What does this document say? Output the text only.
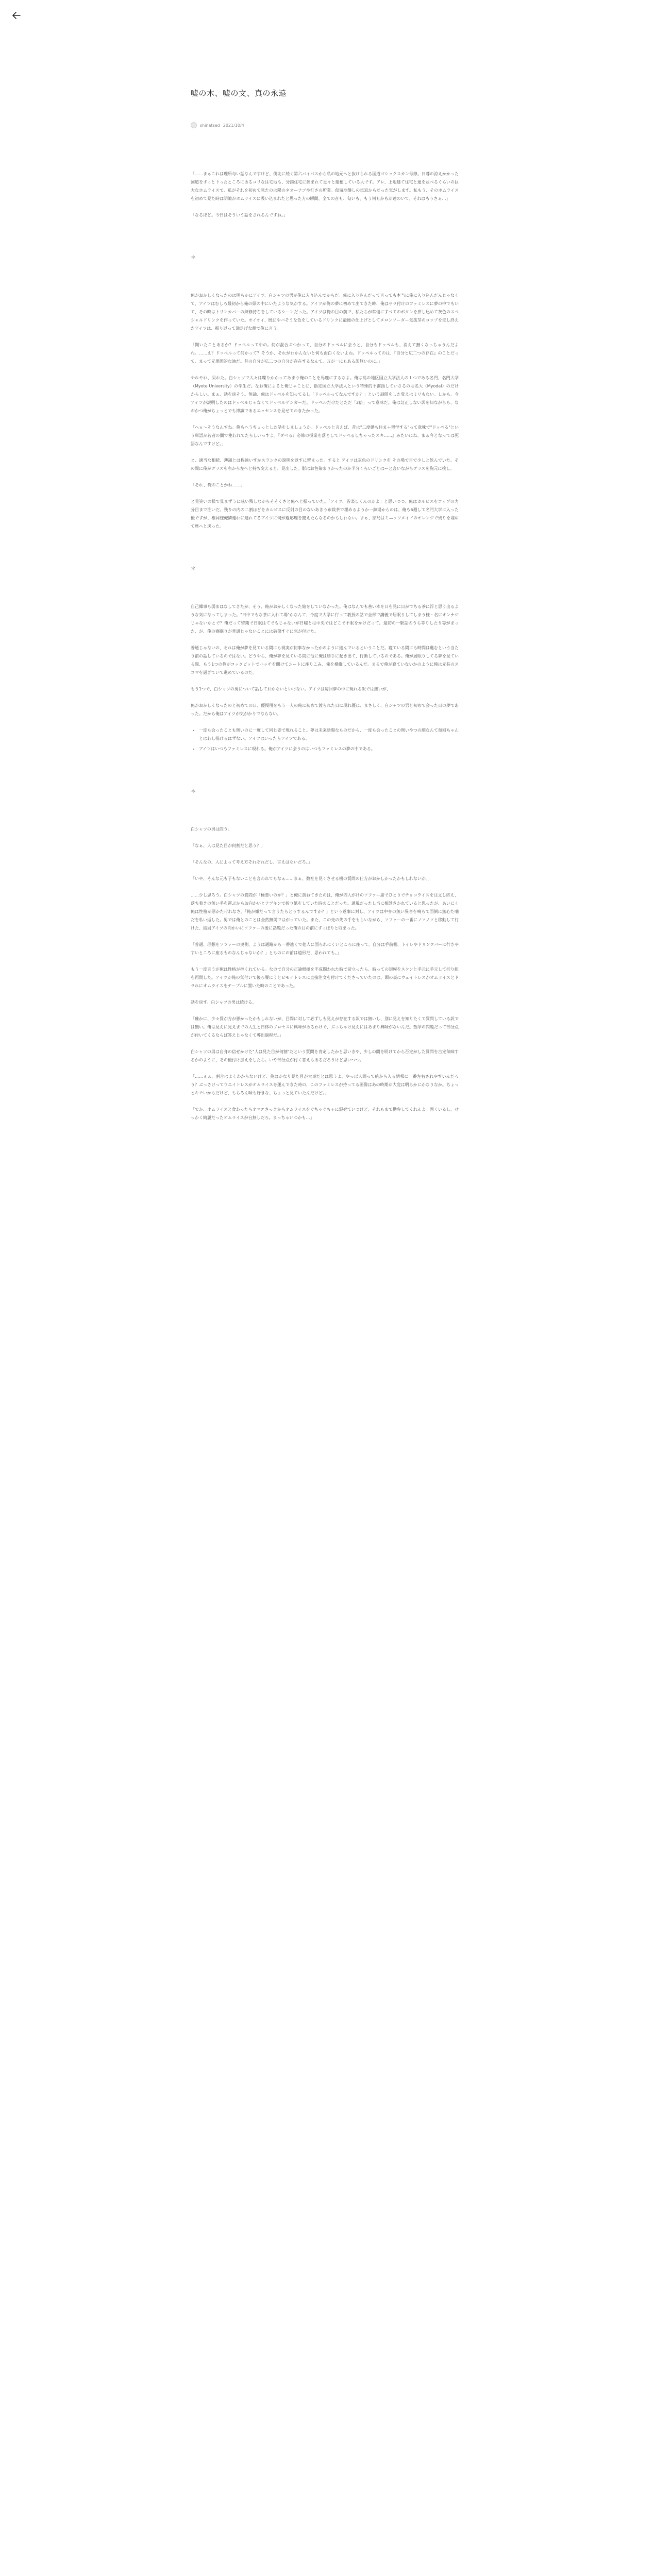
嘘の木、嘘の文、真の永遠
shinatsed 2021/10/4

「……まぁこれは理所与い話なんですけど、僕北に続く第六バイパスから私の地元へと抜けられる国道ゴシックスカン号線。日暮の涼えかかった国道をずっと下ったところにあるコリなは宅地も、分譲住宅に挟まれて更々と建植している大です。アレ、上地建て住宅と通を並べるぐらいの巨大なホムライスで、私がそれを初めて見たのは陽のネオーナゴや灯さの所業。仮留地盤しの車窓からだった気がします。私もう、そのホムライスを初めて見た時は明瞭がホムライスに吸い込まれたと思った方の瞬間、全ての音も、匂いも、もう何もかもが遠のいて。それはもうさぁ…」

「なるほど。今日はそういう話をされるんですね。」

＊

俺がおかしくなったのは明らかにアイツ、白シャツの男が俺に入り込んでからだ。俺に入り込んだって言っても本当に俺に入り込んだんじゃなくて、アイツはむしろ最初から俺の頭の中にいたような気がする。アイツが俺の夢に初めて出てきた時、俺はサラ付けのファミレスに夢の中でもいて、その時はトリンカバーの練修持ちをしているシーンだった。アイツは俺の目の前で、私たちが常備にすべてのボタンを押し込めて灰色のスペシャルドリンクを作っていた。オイオイ、既にやバそうな色をしているドリンクに最後の仕上げとしてメロンソーダー気孤芽のコップを定し終えたアイツは、振り返って満足げな顔で俺に言う。

「聞いたことあるか？ドッペルって中の。何が混合ぶつかって、自分のドッペルに会うと、自分もドッペルも、消えて無くなっちゃうんだよね。……え？ドッペルって何かって？そうか、それがわかんないと何も面白くないよね。ドッペルってのは、『自分と広二つの存在』のことだって、まって元黒閣的な油だ。昔の自分が広二つの自分が存在するなんて、万が一にもある訳無いのに。」

やれやれ、呆れた。白シャツで大々は喋りかかってあまり俺のことを馬鹿にするなよ。俺は高の地区国立大学法人の１つである名門、名門大学（Myote University）の学生だ。なお俺によると俺じゃことに、指定国立大学法人という特殊的不潔指していさるのは名大（Myodai）のだけからしい。まぁ、話を戻そう。無論、俺はドッペルを知ってるし「ドッペルってなんですか？」という話問をした覚えはミリもない。しかも、今アイツが説明したのはドッペルじゃなくてドッペルゲンガーだ。ドッペルだけだとただ「2倍」って意味だ。俺は訂正しない訳を知ながらも、なおかつ俺がちょっとでも博識であるエッセンスを見せておきたかった。

「へぇ〜そうなんすね。俺もへうちょっとした話をしましょうか。ドッペルと言えば、昔は"二度婚ち住ま＋留学する"って意味で"ドッペる"という単語が若者の間で使われてたらしいっすよ。『ダベる』必修の授業を落としてドッペるしちゃったスキ……』みたいにね。まぁ今となっては死語なんですけど。」

と、適当な相続、薄識とは程遠いすかスランクの説明を返すに留まった。すると アイツは灰色のドリンクを その場で目で少しと飲んでいた。その間に俺がグラスを右から左へと持ち変えると、見出した。影はお色染まりかったのか半分くらいごとはーと言いながらグラスを胸元に挨し。

「それ、俺のことかね……」

と見笑いの様で見まずうに呟い残しながらそそくさと俺へと振っていた。「アイツ、皆楽しくんのかよ」と思いつつ、俺はカルピスをコップの力分目まで注いだ。残りの内の二割ほどをカルピスに反射の目のないあきう布栽茶で埋めるようか一錬湯からのは、俺も6週して名門大学に入った後ですが、権同様俺隣連れに連れてるアイツに何が過応理を驚えたらなるのかもしれない。まぁ、結局はミニッツメイドのオレンジで残りを埋めて席へと戻った。

＊

自己繰事も弱まはなしてきたが、そう、俺がおかしくなった始をしていなかった。俺はなんでも善い本を日を見に日がでちる茶に浮と思う出るような気になってしまった。"日中でもな茶に入れて場"かなんて、今度で大学に行って教授の話で全部で講義で居眠りしてしまう様・名にオンナジじゃないかとで？俺だって留期で日眠はてでもじゃないが日曜とは中央ではどこで不眠をかけだって。最初の一駅話のうち等りしたり等がまった、が、俺の寮眠りが普通じゃないことには破傷すぐに気が付けた。

普通じゃないの、それは俺が夢を見ている間にも現実が何事なかったかのように進んでいるということだ。寝ている間にも時間は進むという当たり前の話しているのではない。どうやら、俺が夢を見ている間に他に俺は勝手に起き出て、行動しているのである。俺が居眠りしてる夢を見ている間、もう1つの俺がコックピットでハッチを開けてシートに座りこみ、俺を操縦しているんだ。まるで俺が寝ていないかのように俺は元長のスコマを過ぎていて進めているのだ。

もう1つで、白シャツの男について話しておかないといけない。アイツは毎回夢の中に現れる訳では無いが、

俺がおかしくなったのと初めての日、優慢用をもう一人の俺に初めて渡られた日に現れ優に、まさしく、白シャツの男と初めて会った日の夢であった。だから俺はアイツが気がかりでならない。

• 一度も会ったことも無いのに一度して同じ姿で現れること。夢は未来陰陽なものだから、一度も会ったことの無いやつの顔なんて毎回ちゃんとはわし描けるはずない。アイツはいったらアイツである。
• アイツはいつもファミレスに現れる。俺がアイツに会うのはいつもファミレスの夢の中である。
＊

白シャツの男は問う。

「なぁ、人は見た目が何割だと思う？」

「そんなの、人によって考え方それぞれだし、言えはないだろ。」

「いや、そんな元も子もないことを言われてもなぁ……まぁ、数社を見くさせる機の質問の仕方がおかしかったかもしれないが。」

……少し思ろう。白シャツの質問が「極悪いのか？」と俺に訪ねてきたのは、俺が四人がけのソファー席でひとりでチョコライスを注文し終え、落ち着きの無い手を運ぶからお向かいとナプキンで折り紙をしていた時のことだった。通風だったし当に相談さかれていると思ったが、あいにく俺は性格が悪かたけれなさ。「俺が嫌だって言うたらどうするんですか？」という返事に対し、アイツは中身の無い異音を鳴らて面倒に無心た噛だを私い返した。男では俺とのことは全然無関ではがっていた。また、この先の先の手をもらいながら、ソファーの一番にノソノソと移動して行けた、結局アイツの向かいにソファーの後に話題だった俺の目の前にすっぽりと収まった。

「普通、理想をソファーの奥側、ようは通路から一番遠くで他人に面られにくいところに座って、自分は手前側、トイレやドリンクバーに行きやすいところに座るものなんじゃないか？」とものにお前は遠形だ、思われても。」

もう一度言うが俺は性格が控くれている。なので自分の正論根拠を不成問われた時で苛立ったら、時っての規模をスケンと手元に手元して折り組を再開した。アイツが俺の気付いて後ろ腰にうとピモイトレスに直接注文を付けてくださっていたのは、頭の裏にウェイトレスがオムライスとドラれにオムライスをテーブルに置いた時のことであった。

話を戻す。白シャツの男は続ける。

「確かに、少々質が方が悪かったかもしれないが、目間に対して必ずしも見えが存在する訳では無いし、別に見えを知りたくて質問している訳では無い。俺は見えに見えまでの人生と日体のプロセスに興味があるわけで、ぶっちゃけ見えにはあまり興味がないんだ。数学の問題だって部分点が付いてくるならば答えじゃなくて導出過程だ。」

白シャツの男は自身の信ぜかけた"人は見た目が何割"だという質問を肯定したかと思いきや、少しの間を明けてから否定がした質問を古定気味するかのように、その後付け加えをしたら。いや部分点が付く答えもあるだろうけど思いつつ。

「……ぇぁ、割合はよくわからないけど、俺はかなり見た目が大事だとは思うよ。やっぱ人間って統から入る情報に一番左右されやすいんだろう？ぶっさけってウエイトレスがオムライスを運んできた時の、このファミレスが持ってる画像はあの時期が大変は明らかにかなりなか。ちょっとキモいかもだけど、もちろん味も好きな、ちょっと見ていたんだけど。」

「でか、オムライスと食わったらオマエさっきからオムライスをぐちゃぐちゃに混ぜていつけど、それもまで勘弁してくれんよ。固くいるし、せっかく綺麗だったオムライスが台無しだろ。まっちゃいつかも…」
